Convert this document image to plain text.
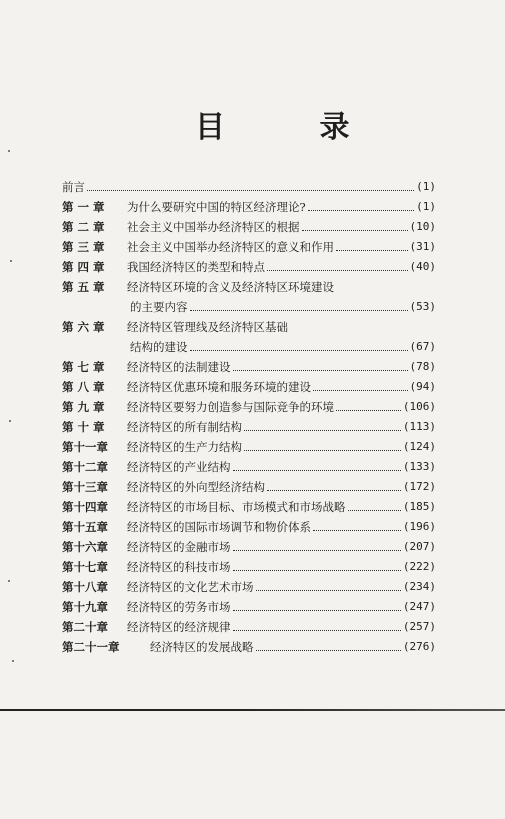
目 录
前言	(1)
第 一 章	为什么要研究中国的特区经济理论?	(1)
第 二 章	社会主义中国举办经济特区的根据	(10)
第 三 章	社会主义中国举办经济特区的意义和作用	(31)
第 四 章	我国经济特区的类型和特点	(40)
第 五 章	经济特区环境的含义及经济特区环境建设
的主要内容	(53)
第 六 章	经济特区管理线及经济特区基础
结构的建设	(67)
第 七 章	经济特区的法制建设	(78)
第 八 章	经济特区优惠环境和服务环境的建设	(94)
第 九 章	经济特区要努力创造参与国际竞争的环境	(106)
第 十 章	经济特区的所有制结构	(113)
第十一章	经济特区的生产力结构	(124)
第十二章	经济特区的产业结构	(133)
第十三章	经济特区的外向型经济结构	(172)
第十四章	经济特区的市场目标、市场模式和市场战略	(185)
第十五章	经济特区的国际市场调节和物价体系	(196)
第十六章	经济特区的金融市场	(207)
第十七章	经济特区的科技市场	(222)
第十八章	经济特区的文化艺术市场	(234)
第十九章	经济特区的劳务市场	(247)
第二十章	经济特区的经济规律	(257)
第二十一章	经济特区的发展战略	(276)
